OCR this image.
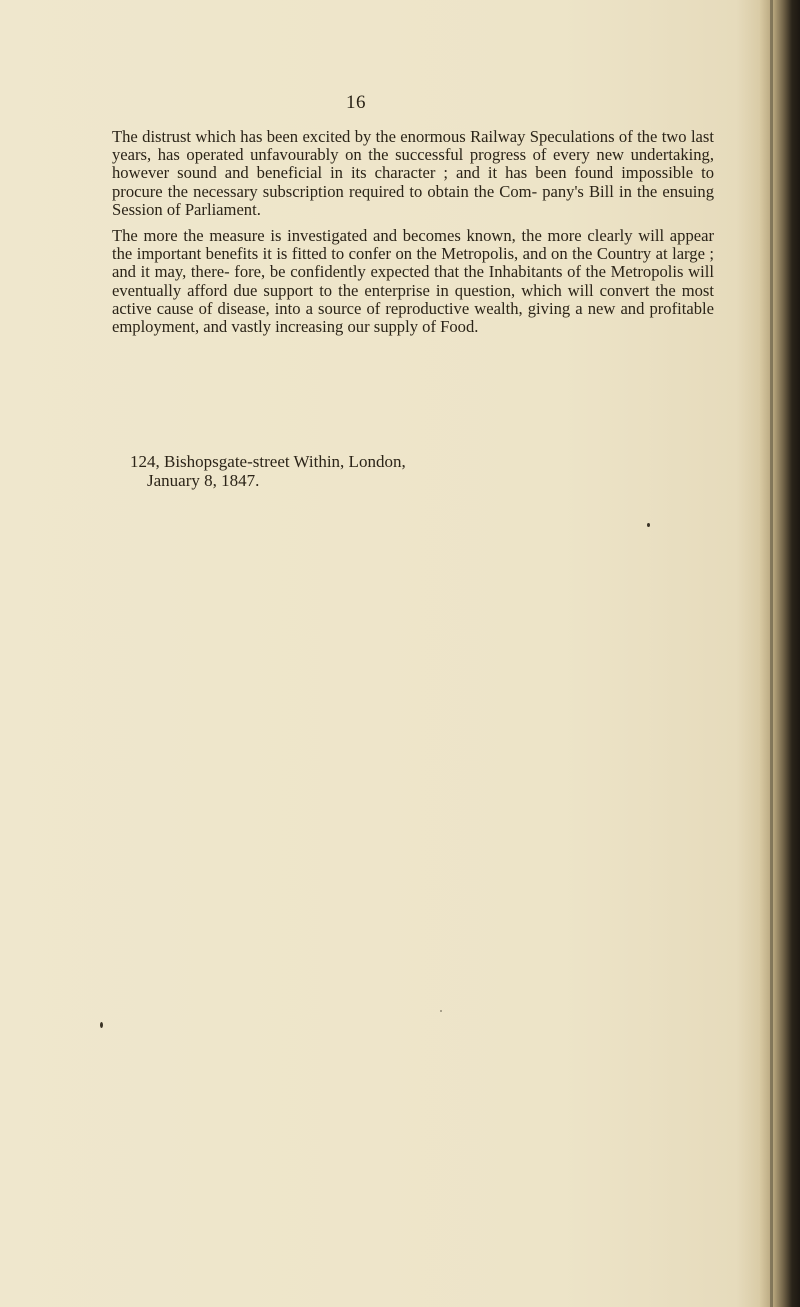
16

The distrust which has been excited by the enormous Railway Speculations of the two last years, has operated unfavourably on the successful progress of every new undertaking, however sound and beneficial in its character ; and it has been found impossible to procure the necessary subscription required to obtain the Com- pany's Bill in the ensuing Session of Parliament.

The more the measure is investigated and becomes known, the more clearly will appear the important benefits it is fitted to confer on the Metropolis, and on the Country at large ; and it may, there- fore, be confidently expected that the Inhabitants of the Metropolis will eventually afford due support to the enterprise in question, which will convert the most active cause of disease, into a source of reproductive wealth, giving a new and profitable employment, and vastly increasing our supply of Food.

124, Bishopsgate-street Within, London,
January 8, 1847.
